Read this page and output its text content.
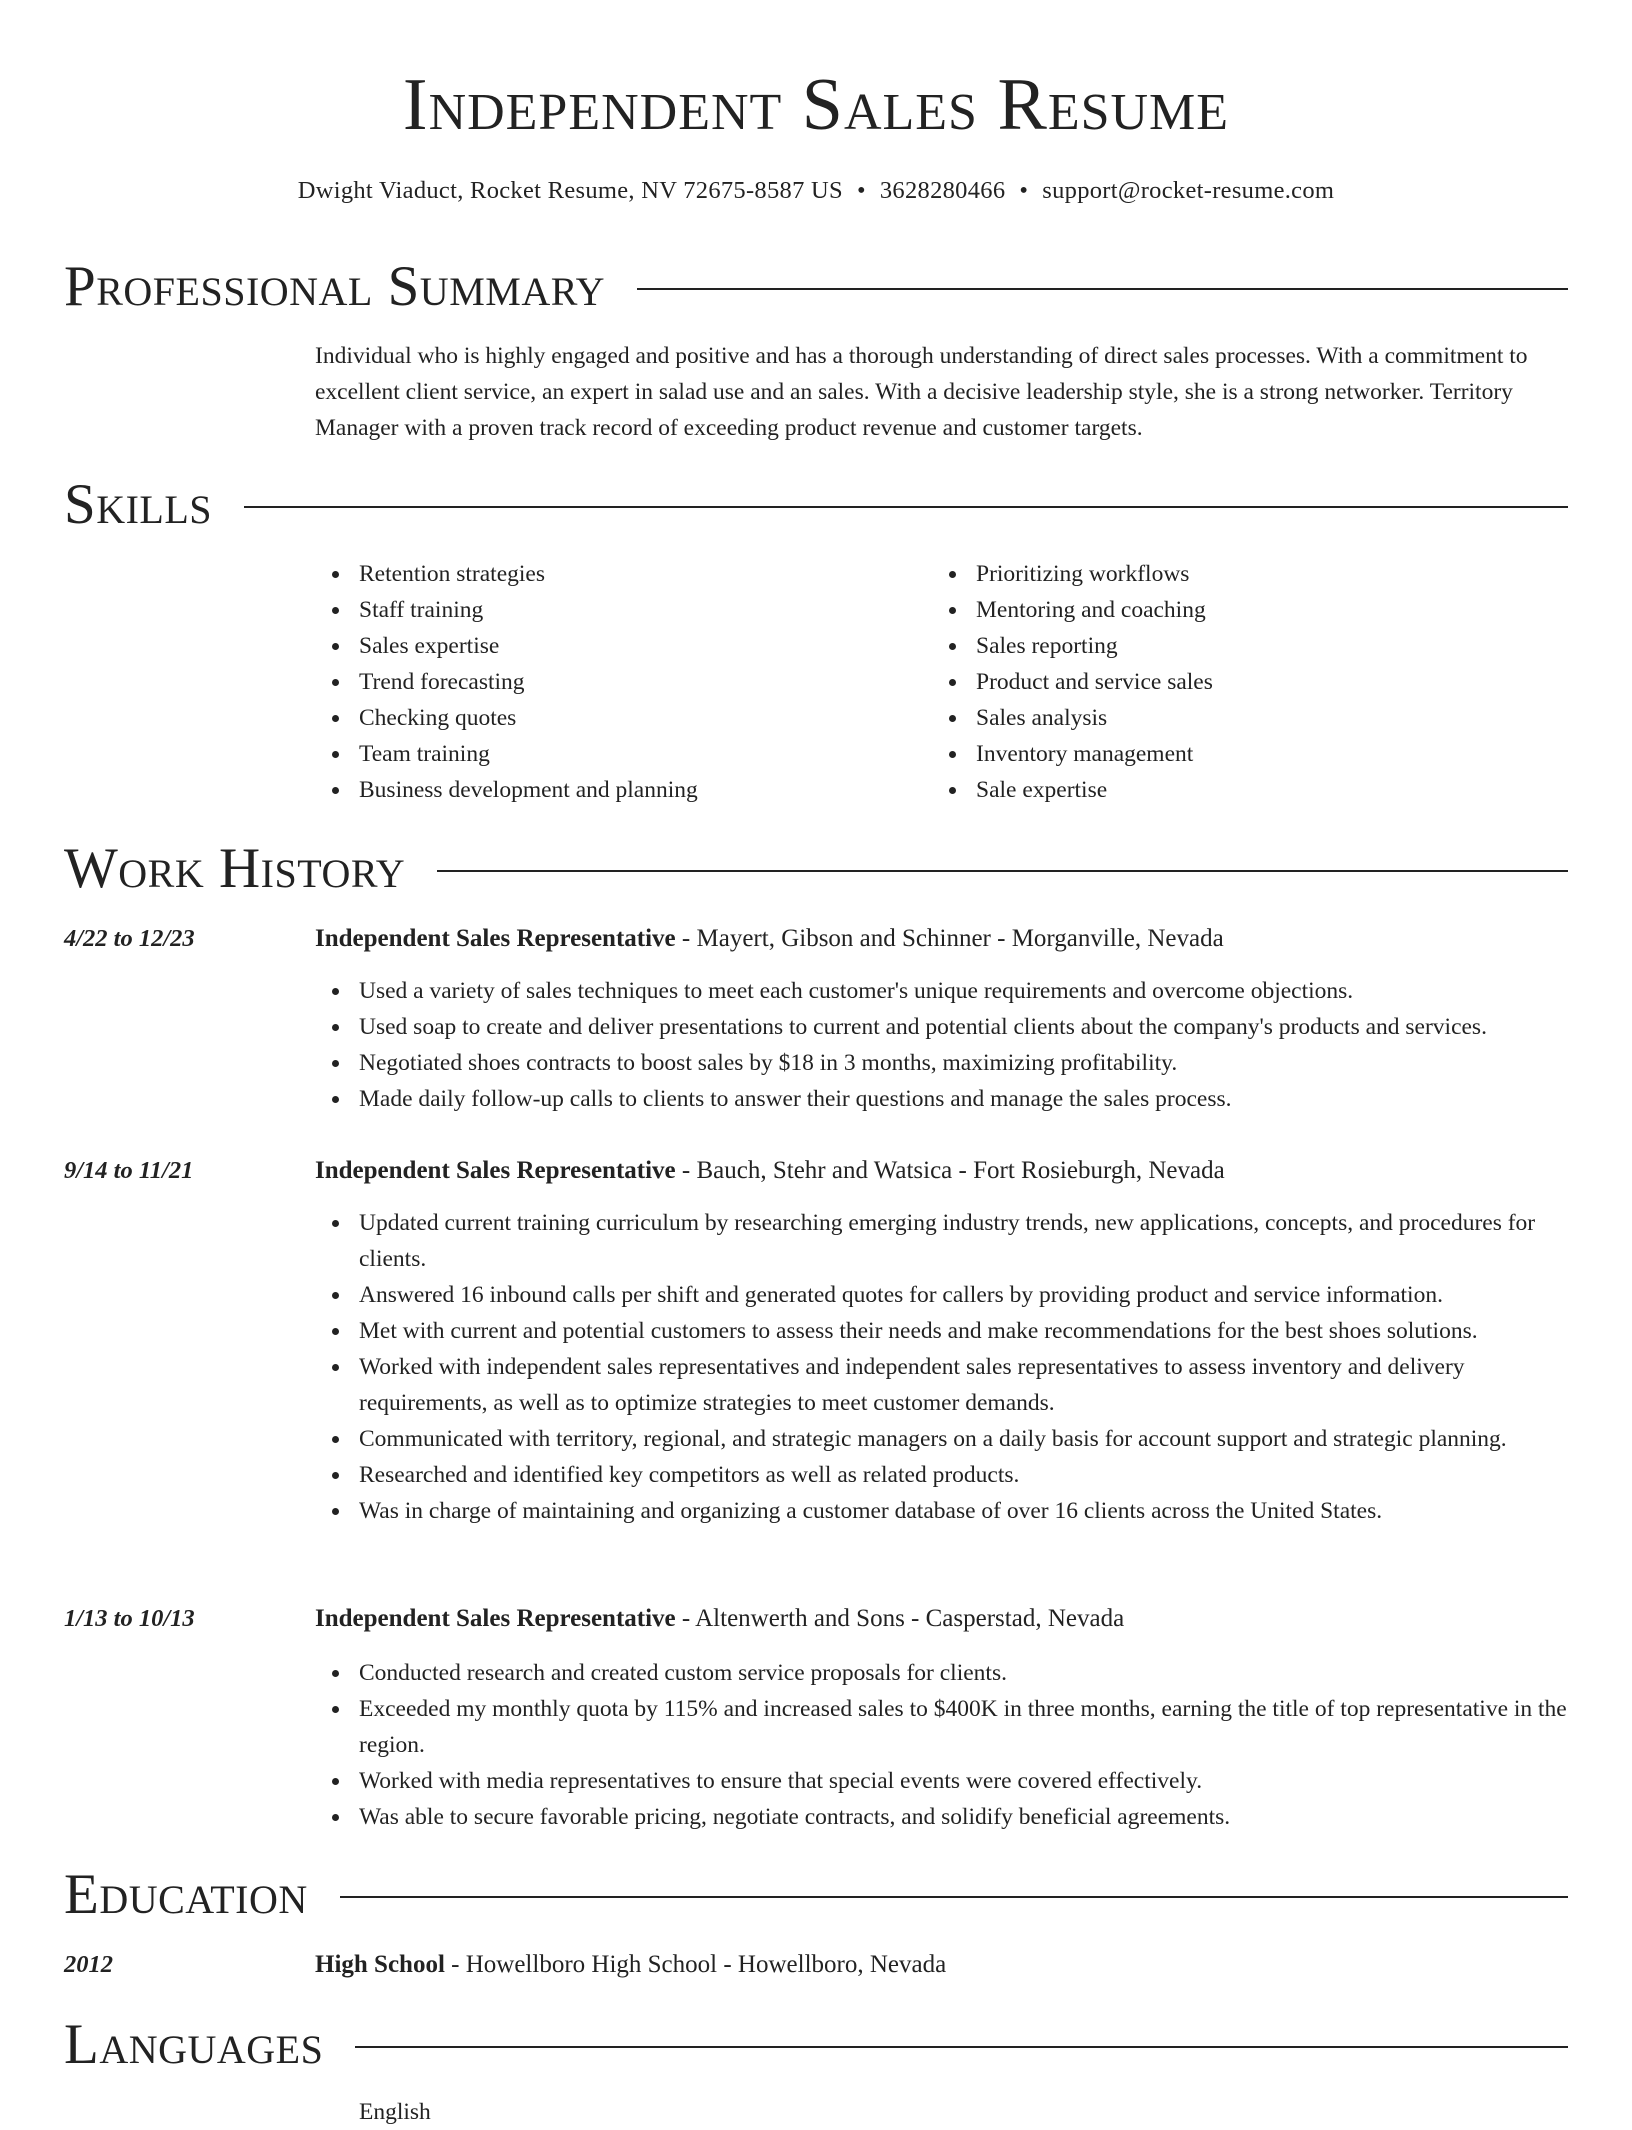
Independent Sales Resume
Dwight Viaduct, Rocket Resume, NV 72675-8587 US • 3628280466 • support@rocket-resume.com
Professional Summary
Individual who is highly engaged and positive and has a thorough understanding of direct sales processes. With a commitment to excellent client service, an expert in salad use and an sales. With a decisive leadership style, she is a strong networker. Territory Manager with a proven track record of exceeding product revenue and customer targets.
Skills
Retention strategies
Staff training
Sales expertise
Trend forecasting
Checking quotes
Team training
Business development and planning
Prioritizing workflows
Mentoring and coaching
Sales reporting
Product and service sales
Sales analysis
Inventory management
Sale expertise
Work History
4/22 to 12/23	Independent Sales Representative - Mayert, Gibson and Schinner - Morganville, Nevada
Used a variety of sales techniques to meet each customer's unique requirements and overcome objections.
Used soap to create and deliver presentations to current and potential clients about the company's products and services.
Negotiated shoes contracts to boost sales by $18 in 3 months, maximizing profitability.
Made daily follow-up calls to clients to answer their questions and manage the sales process.
9/14 to 11/21	Independent Sales Representative - Bauch, Stehr and Watsica - Fort Rosieburgh, Nevada
Updated current training curriculum by researching emerging industry trends, new applications, concepts, and procedures for clients.
Answered 16 inbound calls per shift and generated quotes for callers by providing product and service information.
Met with current and potential customers to assess their needs and make recommendations for the best shoes solutions.
Worked with independent sales representatives and independent sales representatives to assess inventory and delivery requirements, as well as to optimize strategies to meet customer demands.
Communicated with territory, regional, and strategic managers on a daily basis for account support and strategic planning.
Researched and identified key competitors as well as related products.
Was in charge of maintaining and organizing a customer database of over 16 clients across the United States.
1/13 to 10/13	Independent Sales Representative - Altenwerth and Sons - Casperstad, Nevada
Conducted research and created custom service proposals for clients.
Exceeded my monthly quota by 115% and increased sales to $400K in three months, earning the title of top representative in the region.
Worked with media representatives to ensure that special events were covered effectively.
Was able to secure favorable pricing, negotiate contracts, and solidify beneficial agreements.
Education
2012	High School - Howellboro High School - Howellboro, Nevada
Languages
English
